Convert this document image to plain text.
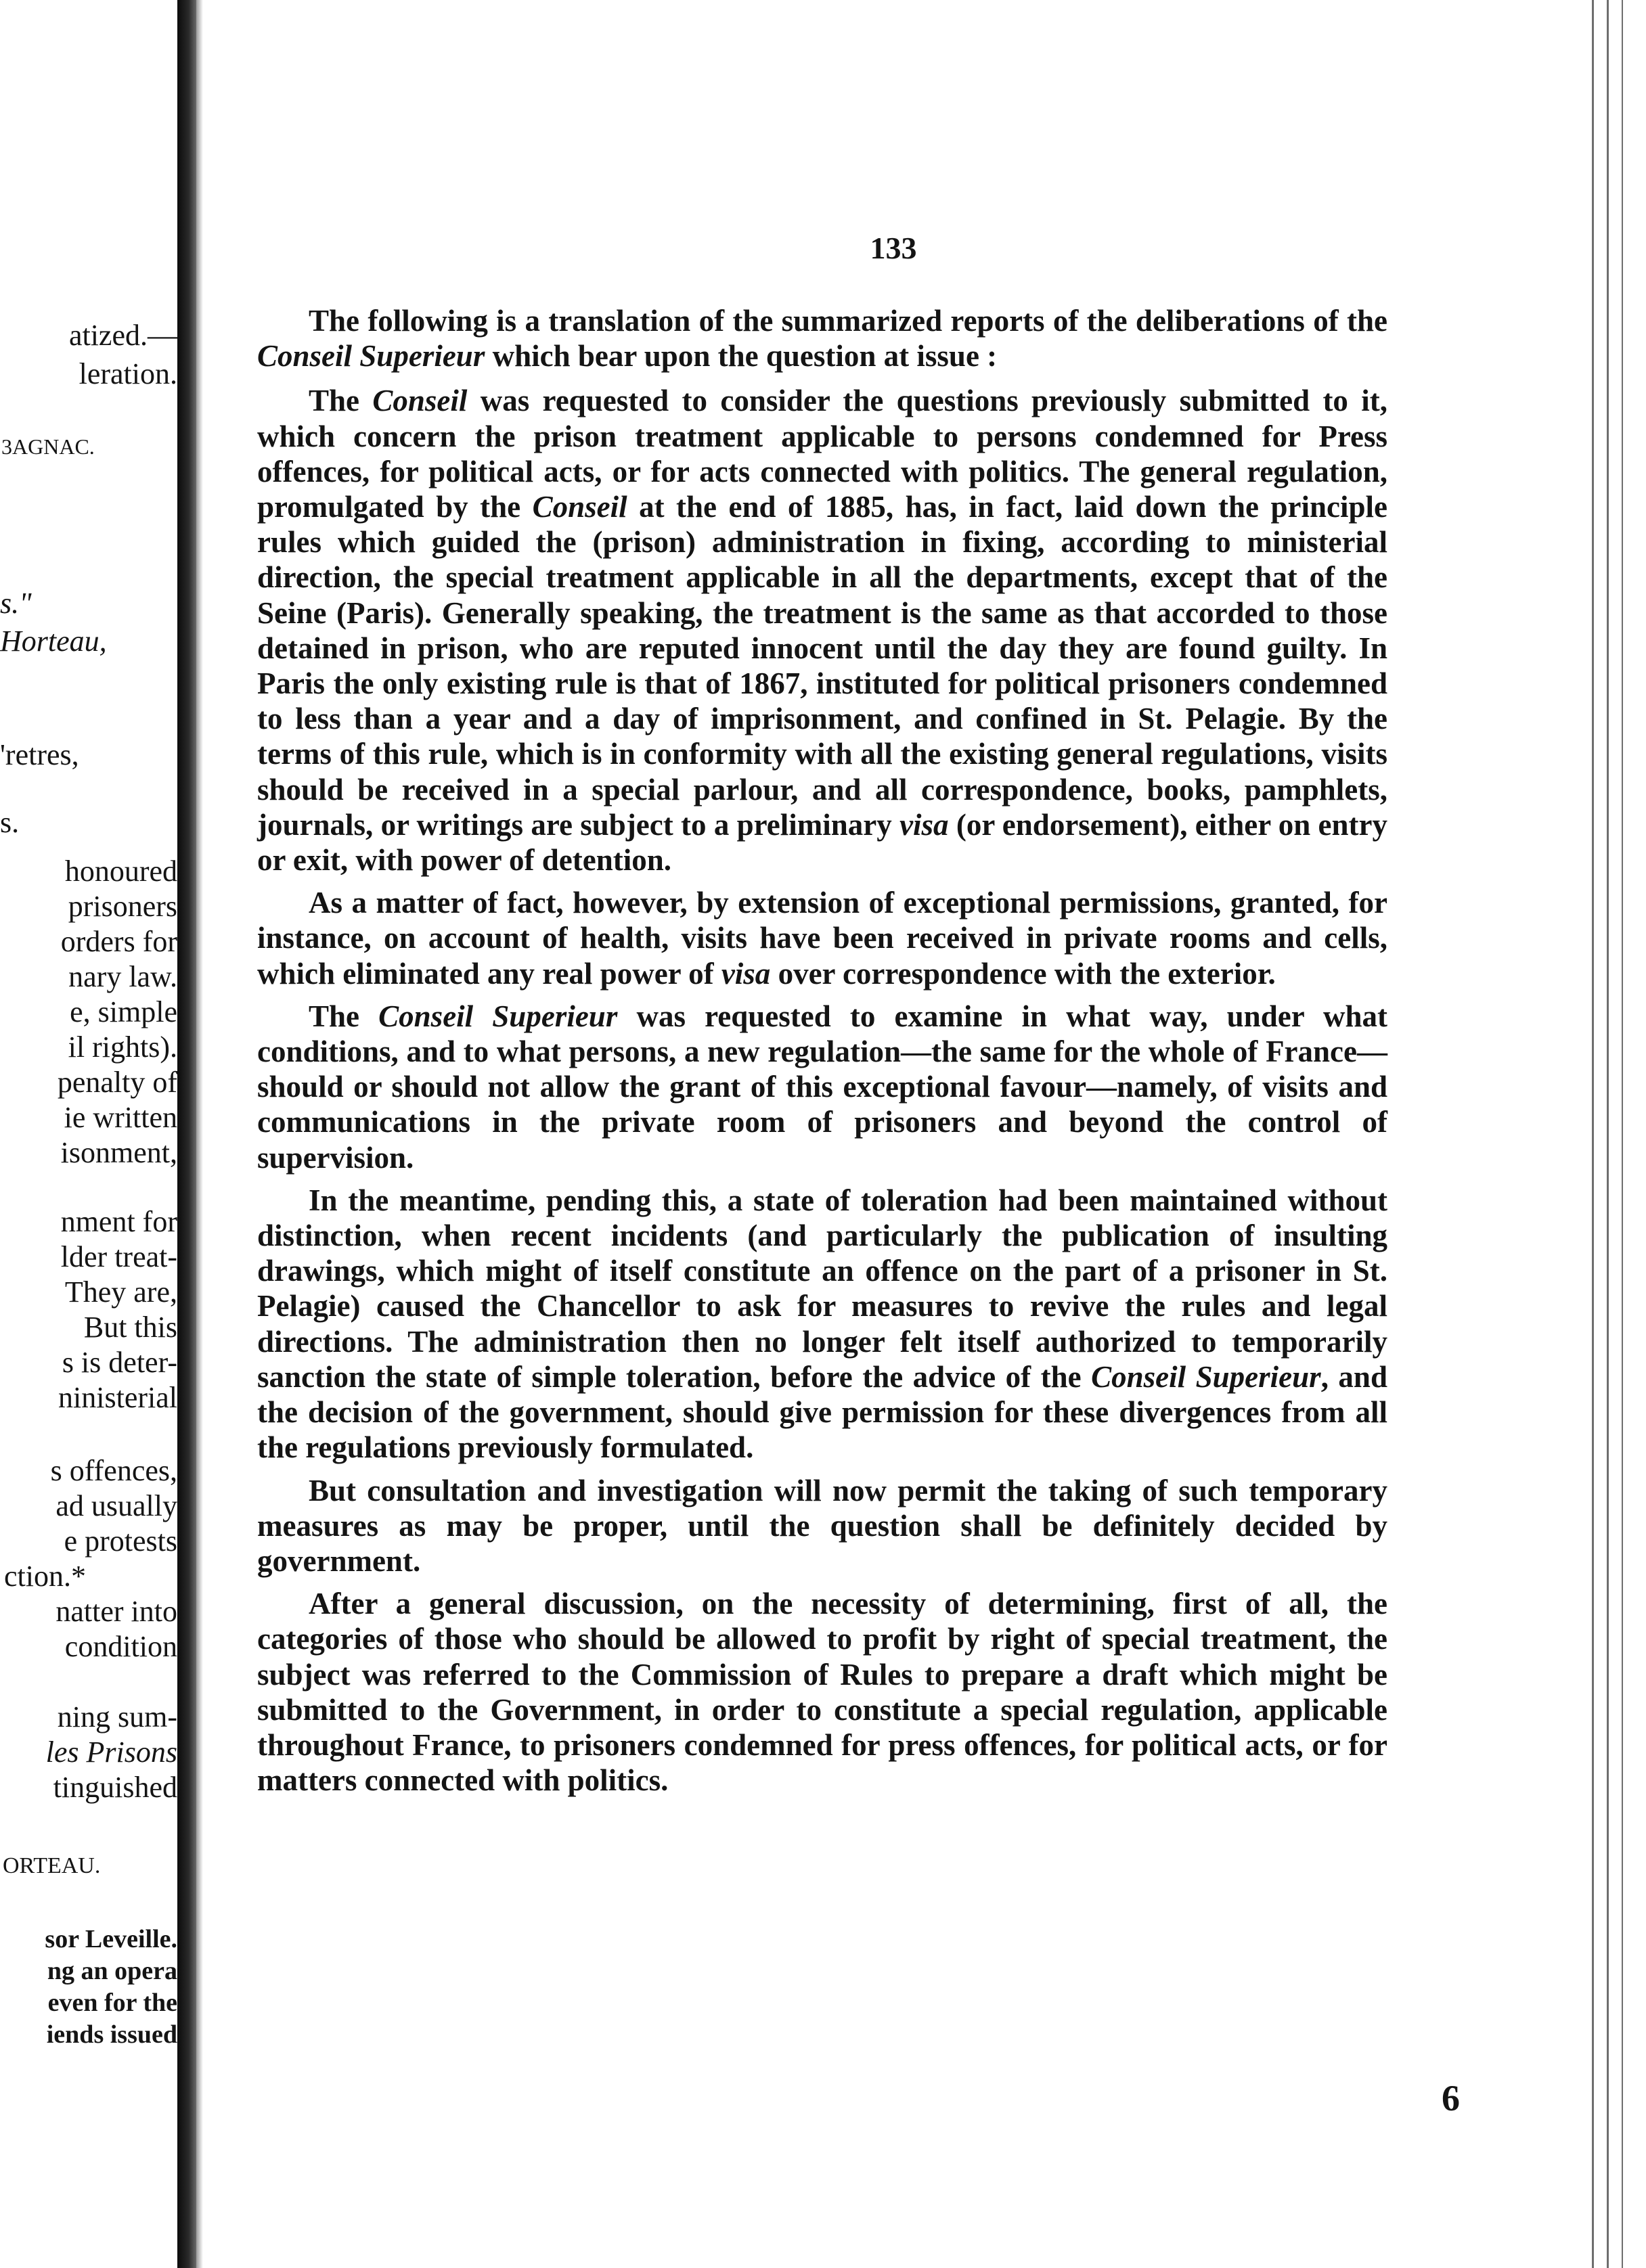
atized.—
leration.
3AGNAC.
s."
Horteau,
'retres,
s.
honoured
prisoners
orders for
nary law.
e, simple
il rights).
penalty of
ie written
isonment,
nment for
lder treat-
They are,
But this
s is deter-
ninisterial
s offences,
ad usually
e protests
ction.*
natter into
condition
ning sum-
les Prisons
tinguished
ORTEAU.
sor Leveille.
ng an opera
even for the
iends issued
133

The following is a translation of the summarized reports of the deliberations of the Conseil Superieur which bear upon the question at issue :

The Conseil was requested to consider the questions previously submitted to it, which concern the prison treatment applicable to persons condemned for Press offences, for political acts, or for acts connected with politics. The general regulation, promulgated by the Conseil at the end of 1885, has, in fact, laid down the principle rules which guided the (prison) administration in fixing, according to ministerial direction, the special treatment applicable in all the departments, except that of the Seine (Paris). Generally speaking, the treatment is the same as that accorded to those detained in prison, who are reputed innocent until the day they are found guilty. In Paris the only existing rule is that of 1867, instituted for political prisoners condemned to less than a year and a day of imprisonment, and confined in St. Pelagie. By the terms of this rule, which is in conformity with all the existing general regulations, visits should be received in a special parlour, and all correspondence, books, pamphlets, journals, or writings are subject to a preliminary visa (or endorsement), either on entry or exit, with power of detention.

As a matter of fact, however, by extension of exceptional permissions, granted, for instance, on account of health, visits have been received in private rooms and cells, which eliminated any real power of visa over correspondence with the exterior.

The Conseil Superieur was requested to examine in what way, under what conditions, and to what persons, a new regulation—the same for the whole of France—should or should not allow the grant of this exceptional favour—namely, of visits and communications in the private room of prisoners and beyond the control of supervision.

In the meantime, pending this, a state of toleration had been maintained without distinction, when recent incidents (and particularly the publication of insulting drawings, which might of itself constitute an offence on the part of a prisoner in St. Pelagie) caused the Chancellor to ask for measures to revive the rules and legal directions. The administration then no longer felt itself authorized to temporarily sanction the state of simple toleration, before the advice of the Conseil Superieur, and the decision of the government, should give permission for these divergences from all the regulations previously formulated.

But consultation and investigation will now permit the taking of such temporary measures as may be proper, until the question shall be definitely decided by government.

After a general discussion, on the necessity of determining, first of all, the categories of those who should be allowed to profit by right of special treatment, the subject was referred to the Commission of Rules to prepare a draft which might be submitted to the Government, in order to constitute a special regulation, applicable throughout France, to prisoners condemned for press offences, for political acts, or for matters connected with politics.

6
